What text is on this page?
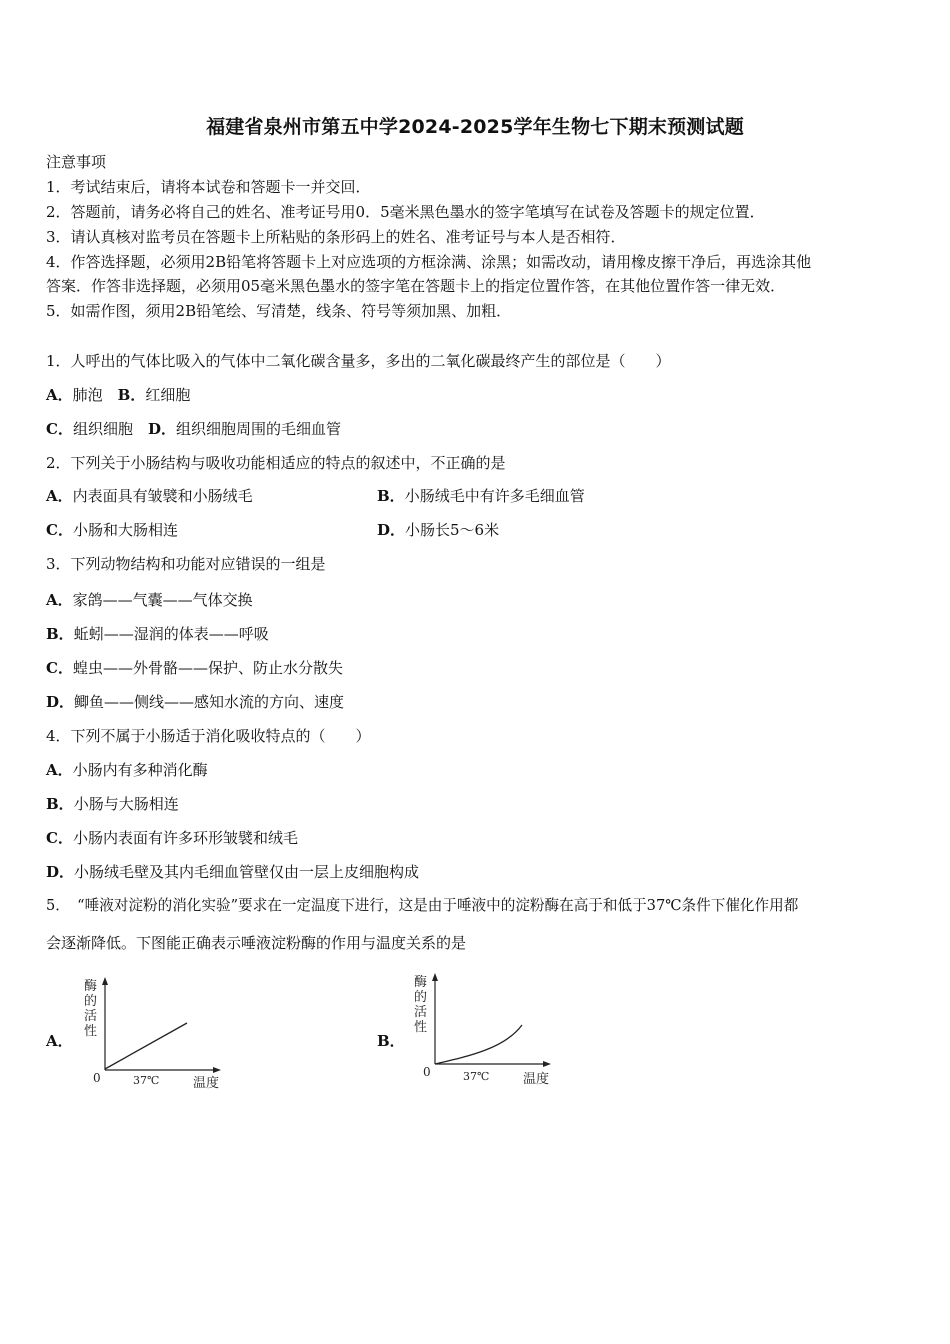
福建省泉州市第五中学2024-2025学年生物七下期末预测试题
注意事项
1．考试结束后，请将本试卷和答题卡一并交回．
2．答题前，请务必将自己的姓名、准考证号用0．5毫米黑色墨水的签字笔填写在试卷及答题卡的规定位置．
3．请认真核对监考员在答题卡上所粘贴的条形码上的姓名、准考证号与本人是否相符．
4．作答选择题，必须用2B铅笔将答题卡上对应选项的方框涂满、涂黑；如需改动，请用橡皮擦干净后，再选涂其他
答案．作答非选择题，必须用05毫米黑色墨水的签字笔在答题卡上的指定位置作答，在其他位置作答一律无效．
5．如需作图，须用2B铅笔绘、写清楚，线条、符号等须加黑、加粗．
1．人呼出的气体比吸入的气体中二氧化碳含量多，多出的二氧化碳最终产生的部位是（　　）
A．肺泡　 B．红细胞
C．组织细胞　 D．组织细胞周围的毛细血管
2．下列关于小肠结构与吸收功能相适应的特点的叙述中，不正确的是
A．内表面具有皱襞和小肠绒毛	B．小肠绒毛中有许多毛细血管
C．小肠和大肠相连	D．小肠长5～6米
3．下列动物结构和功能对应错误的一组是
A．家鸽——气囊——气体交换
B．蚯蚓——湿润的体表——呼吸
C．蝗虫——外骨骼——保护、防止水分散失
D．鲫鱼——侧线——感知水流的方向、速度
4．下列不属于小肠适于消化吸收特点的（　　）
A．小肠内有多种消化酶
B．小肠与大肠相连
C．小肠内表面有许多环形皱襞和绒毛
D．小肠绒毛壁及其内毛细血管壁仅由一层上皮细胞构成
5．　“唾液对淀粉的消化实验”要求在一定温度下进行，这是由于唾液中的淀粉酶在高于和低于37℃条件下催化作用都
会逐渐降低。下图能正确表示唾液淀粉酶的作用与温度关系的是
A．
酶
的
活
性
0	37℃	温度
B．
酶
的
活
性
0	37℃	温度
